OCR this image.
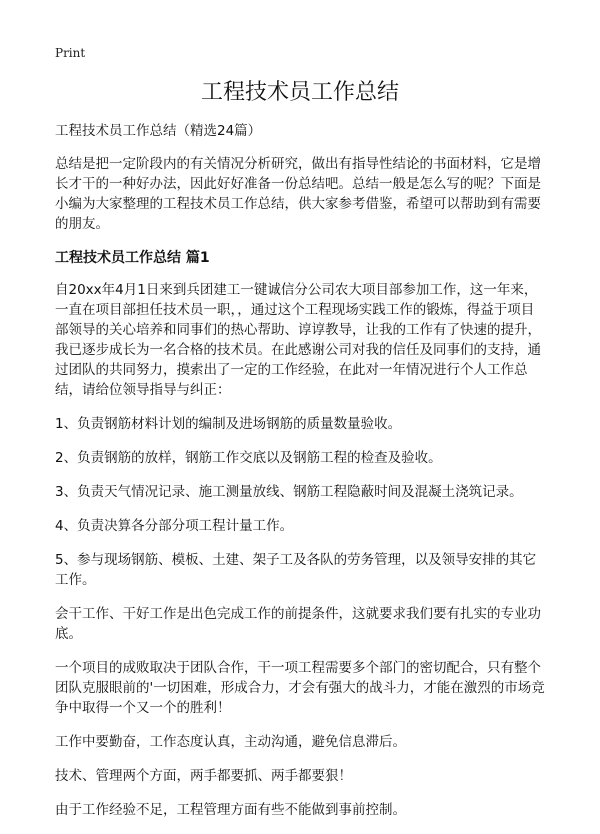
Print
工程技术员工作总结

工程技术员工作总结（精选24篇）

总结是把一定阶段内的有关情况分析研究，做出有指导性结论的书面材料，它是增长才干的一种好办法，因此好好准备一份总结吧。总结一般是怎么写的呢？下面是小编为大家整理的工程技术员工作总结，供大家参考借鉴，希望可以帮助到有需要的朋友。

工程技术员工作总结 篇1

自20xx年4月1日来到兵团建工一键诚信分公司农大项目部参加工作，这一年来，一直在项目部担任技术员一职，，通过这个工程现场实践工作的锻炼，得益于项目部领导的关心培养和同事们的热心帮助、谆谆教导，让我的工作有了快速的提升，我已逐步成长为一名合格的技术员。在此感谢公司对我的信任及同事们的支持，通过团队的共同努力，摸索出了一定的工作经验，在此对一年情况进行个人工作总结，请给位领导指导与纠正：

1、负责钢筋材料计划的编制及进场钢筋的质量数量验收。

2、负责钢筋的放样，钢筋工作交底以及钢筋工程的检查及验收。

3、负责天气情况记录、施工测量放线、钢筋工程隐蔽时间及混凝土浇筑记录。

4、负责决算各分部分项工程计量工作。

5、参与现场钢筋、模板、土建、架子工及各队的劳务管理，以及领导安排的其它工作。

会干工作、干好工作是出色完成工作的前提条件，这就要求我们要有扎实的专业功底。

一个项目的成败取决于团队合作，干一项工程需要多个部门的密切配合，只有整个团队克服眼前的'一切困难，形成合力，才会有强大的战斗力，才能在激烈的市场竞争中取得一个又一个的胜利！

工作中要勤奋，工作态度认真，主动沟通，避免信息滞后。

技术、管理两个方面，两手都要抓、两手都要狠！

由于工作经验不足，工程管理方面有些不能做到事前控制。
